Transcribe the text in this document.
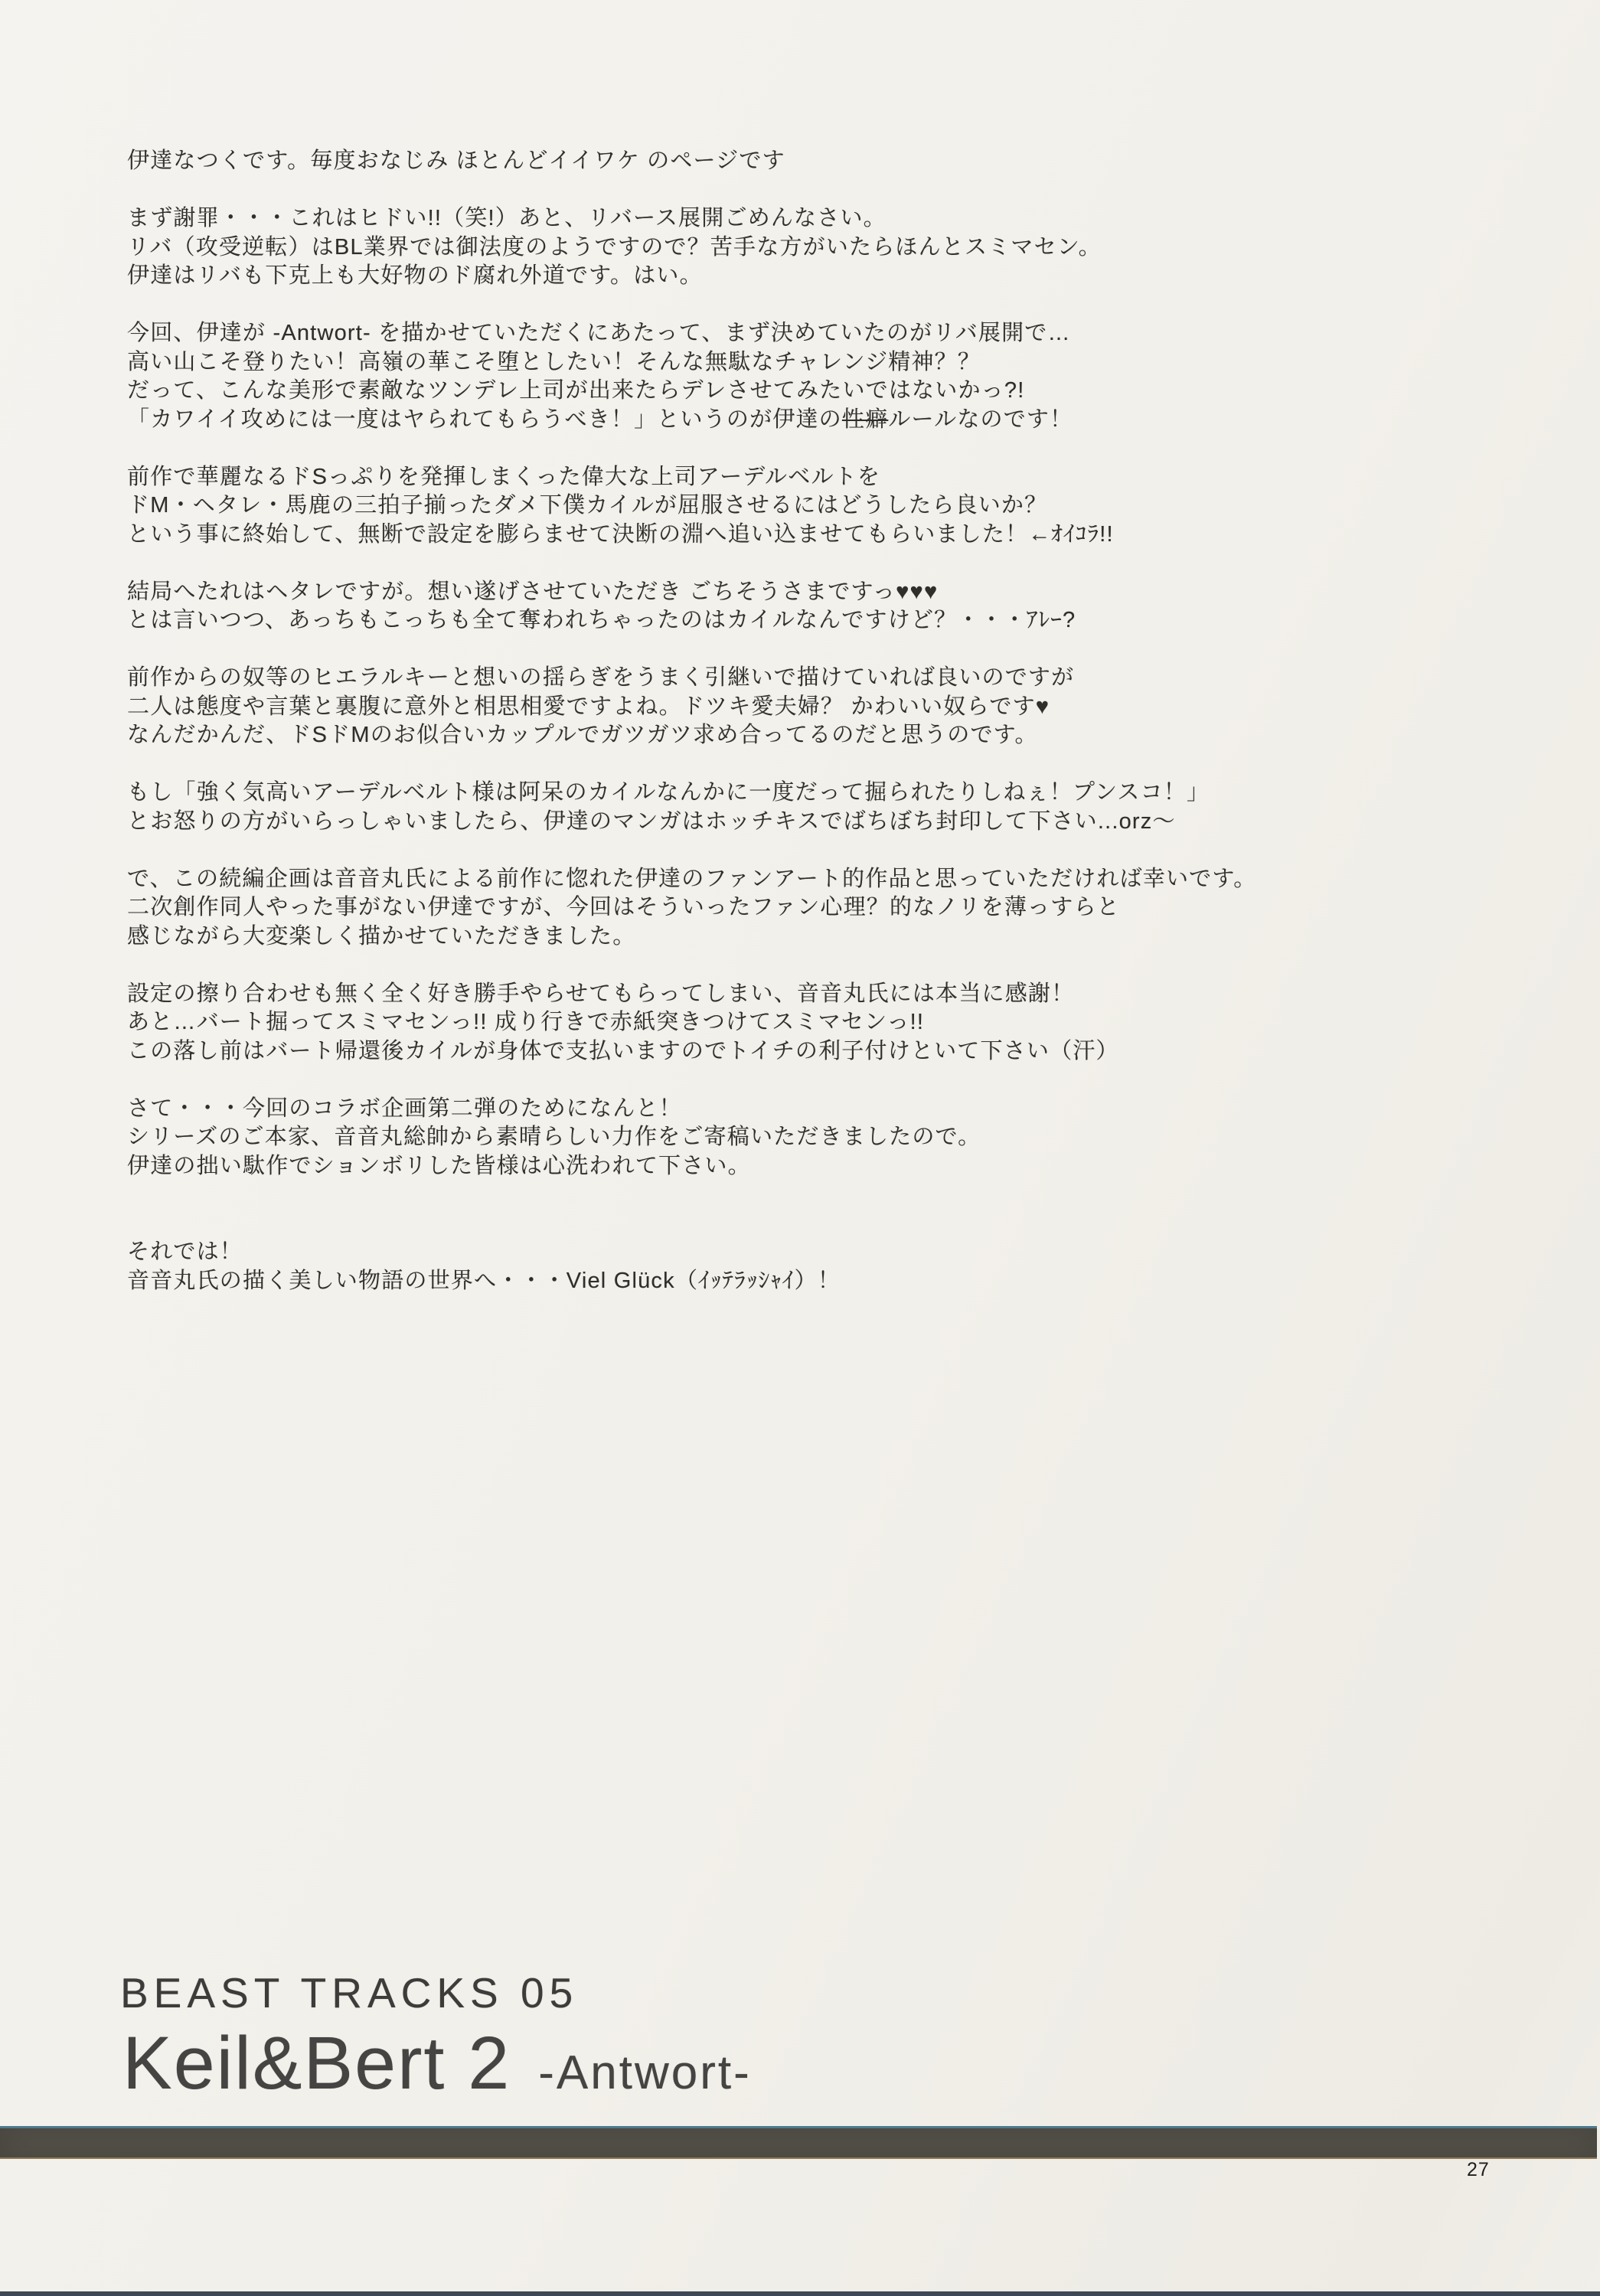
伊達なつくです。毎度おなじみ ほとんどイイワケ のページです

まず謝罪・・・これはヒドい!!（笑!）あと、リバース展開ごめんなさい。

リバ（攻受逆転）はBL業界では御法度のようですので？苦手な方がいたらほんとスミマセン。

伊達はリバも下克上も大好物のド腐れ外道です。はい。

今回、伊達が -Antwort- を描かせていただくにあたって、まず決めていたのがリバ展開で…

高い山こそ登りたい！高嶺の華こそ堕としたい！そんな無駄なチャレンジ精神？？

だって、こんな美形で素敵なツンデレ上司が出来たらデレさせてみたいではないかっ?!

「カワイイ攻めには一度はヤられてもらうべき！」というのが伊達の性癖ルールなのです！

前作で華麗なるドSっぷりを発揮しまくった偉大な上司アーデルベルトを

ドM・ヘタレ・馬鹿の三拍子揃ったダメ下僕カイルが屈服させるにはどうしたら良いか？

という事に終始して、無断で設定を膨らませて決断の淵へ追い込ませてもらいました！←ｵｲｺﾗ!!

結局へたれはヘタレですが。想い遂げさせていただき ごちそうさまですっ♥♥♥

とは言いつつ、あっちもこっちも全て奪われちゃったのはカイルなんですけど？・・・ｱﾚｰ?

前作からの奴等のヒエラルキーと想いの揺らぎをうまく引継いで描けていれば良いのですが

二人は態度や言葉と裏腹に意外と相思相愛ですよね。ドツキ愛夫婦？ かわいい奴らです♥

なんだかんだ、ドSドMのお似合いカップルでガツガツ求め合ってるのだと思うのです。

もし「強く気高いアーデルベルト様は阿呆のカイルなんかに一度だって掘られたりしねぇ！プンスコ！」

とお怒りの方がいらっしゃいましたら、伊達のマンガはホッチキスでばちぼち封印して下さい...orz～

で、この続編企画は音音丸氏による前作に惚れた伊達のファンアート的作品と思っていただければ幸いです。

二次創作同人やった事がない伊達ですが、今回はそういったファン心理？的なノリを薄っすらと

感じながら大変楽しく描かせていただきました。

設定の擦り合わせも無く全く好き勝手やらせてもらってしまい、音音丸氏には本当に感謝！

あと…バート掘ってスミマセンっ!! 成り行きで赤紙突きつけてスミマセンっ!!

この落し前はバート帰還後カイルが身体で支払いますのでトイチの利子付けといて下さい（汗）

さて・・・今回のコラボ企画第二弾のためになんと！

シリーズのご本家、音音丸総帥から素晴らしい力作をご寄稿いただきましたので。

伊達の拙い駄作でションボリした皆様は心洗われて下さい。

それでは！

音音丸氏の描く美しい物語の世界へ・・・Viel Glück（ｲｯﾃﾗｯｼｬｲ）！

BEAST TRACKS 05
Keil&Bert 2 -Antwort-
27
